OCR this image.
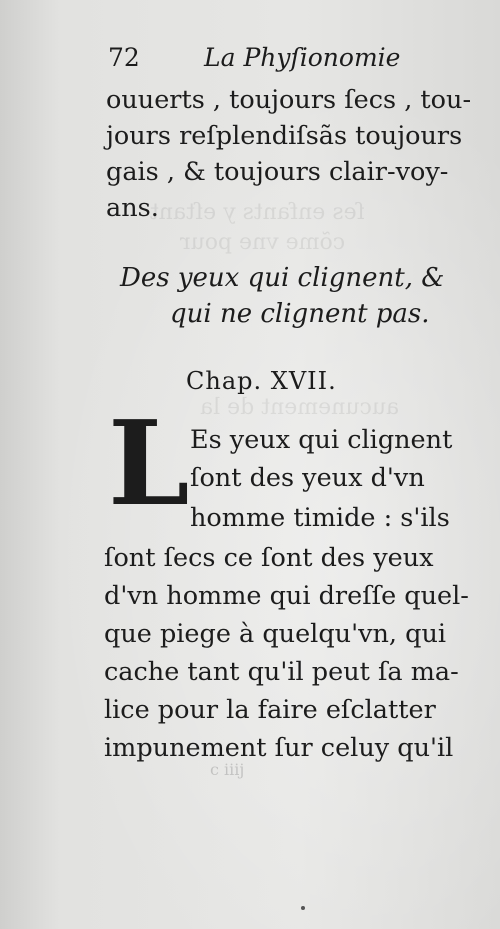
ſes enfants y eſtant
cõme vne pour
aucunement de la
72	La Phyſionomie
ouuerts , toujours ſecs , tou-
jours reſplendiſsãs toujours
gais , & toujours clair-voy-
ans.
Des yeux qui clignent, &
qui ne clignent pas.
Chap. XVII.
L Es yeux qui clignent
ſont des yeux d'vn
homme timide : s'ils
ſont ſecs ce ſont des yeux
d'vn homme qui dreſſe quel-
que piege à quelqu'vn, qui
cache tant qu'il peut ſa ma-
lice pour la faire eſclatter
impunement ſur celuy qu'il
c iiij
